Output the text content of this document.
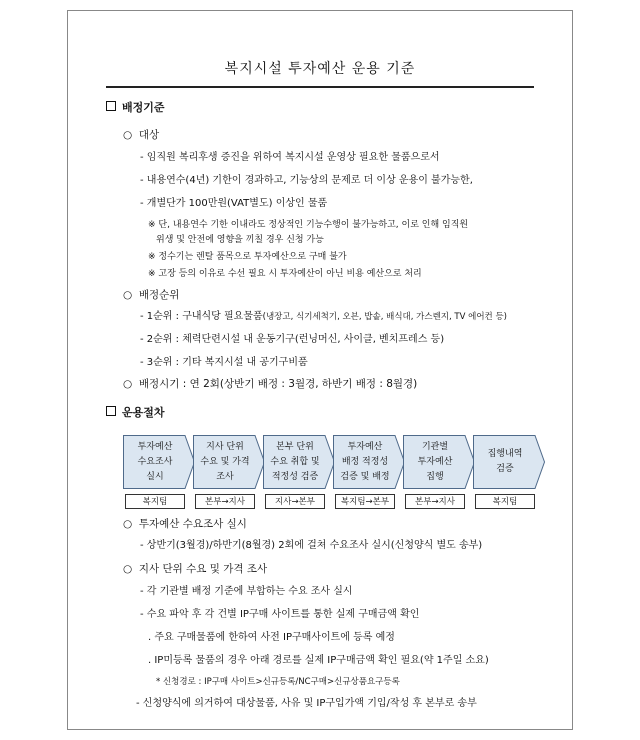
복지시설 투자예산 운용 기준
배정기준
○  대상
- 임직원 복리후생 증진을 위하여 복지시설 운영상 필요한 물품으로서
- 내용연수(4년) 기한이 경과하고, 기능상의 문제로 더 이상 운용이 불가능한,
- 개별단가 100만원(VAT별도) 이상인 물품
※ 단, 내용연수 기한 이내라도 정상적인 기능수행이 불가능하고, 이로 인해 임직원
위생 및 안전에 영향을 끼칠 경우 신청 가능
※ 정수기는 렌탈 품목으로 투자예산으로 구매 불가
※ 고장 등의 이유로 수선 필요 시 투자예산이 아닌 비용 예산으로 처리
○  배정순위
- 1순위 : 구내식당 필요물품(냉장고, 식기세척기, 오븐, 밥솥, 배식대, 가스렌지, TV 에어컨 등)
- 2순위 : 체력단련시설 내 운동기구(런닝머신, 사이클, 벤치프레스 등)
- 3순위 : 기타 복지시설 내 공기구비품
○  배정시기 : 연 2회(상반기 배정 : 3월경, 하반기 배정 : 8월경)
운용절차
투자예산
수요조사
실시
지사 단위
수요 및 가격
조사
본부 단위
수요 취합 및
적정성 검증
투자예산
배정 적정성
검증 및 배정
기관별
투자예산
집행
집행내역
검증
복지팀	본부→지사	지사→본부	복지팀→본부	본부→지사	복지팀
○  투자예산 수요조사 실시
- 상반기(3월경)/하반기(8월경) 2회에 걸쳐 수요조사 실시(신청양식 별도 송부)
○  지사 단위 수요 및 가격 조사
- 각 기관별 배정 기준에 부합하는 수요 조사 실시
- 수요 파악 후 각 건별 IP구매 사이트를 통한 실제 구매금액 확인
. 주요 구매물품에 한하여 사전 IP구매사이트에 등록 예정
. IP미등록 물품의 경우 아래 경로를 실제 IP구매금액 확인 필요(약 1주일 소요)
* 신청경로 : IP구매 사이트>신규등록/NC구매>신규상품요구등록
- 신청양식에 의거하여 대상물품, 사유 및 IP구입가액 기입/작성 후 본부로 송부
